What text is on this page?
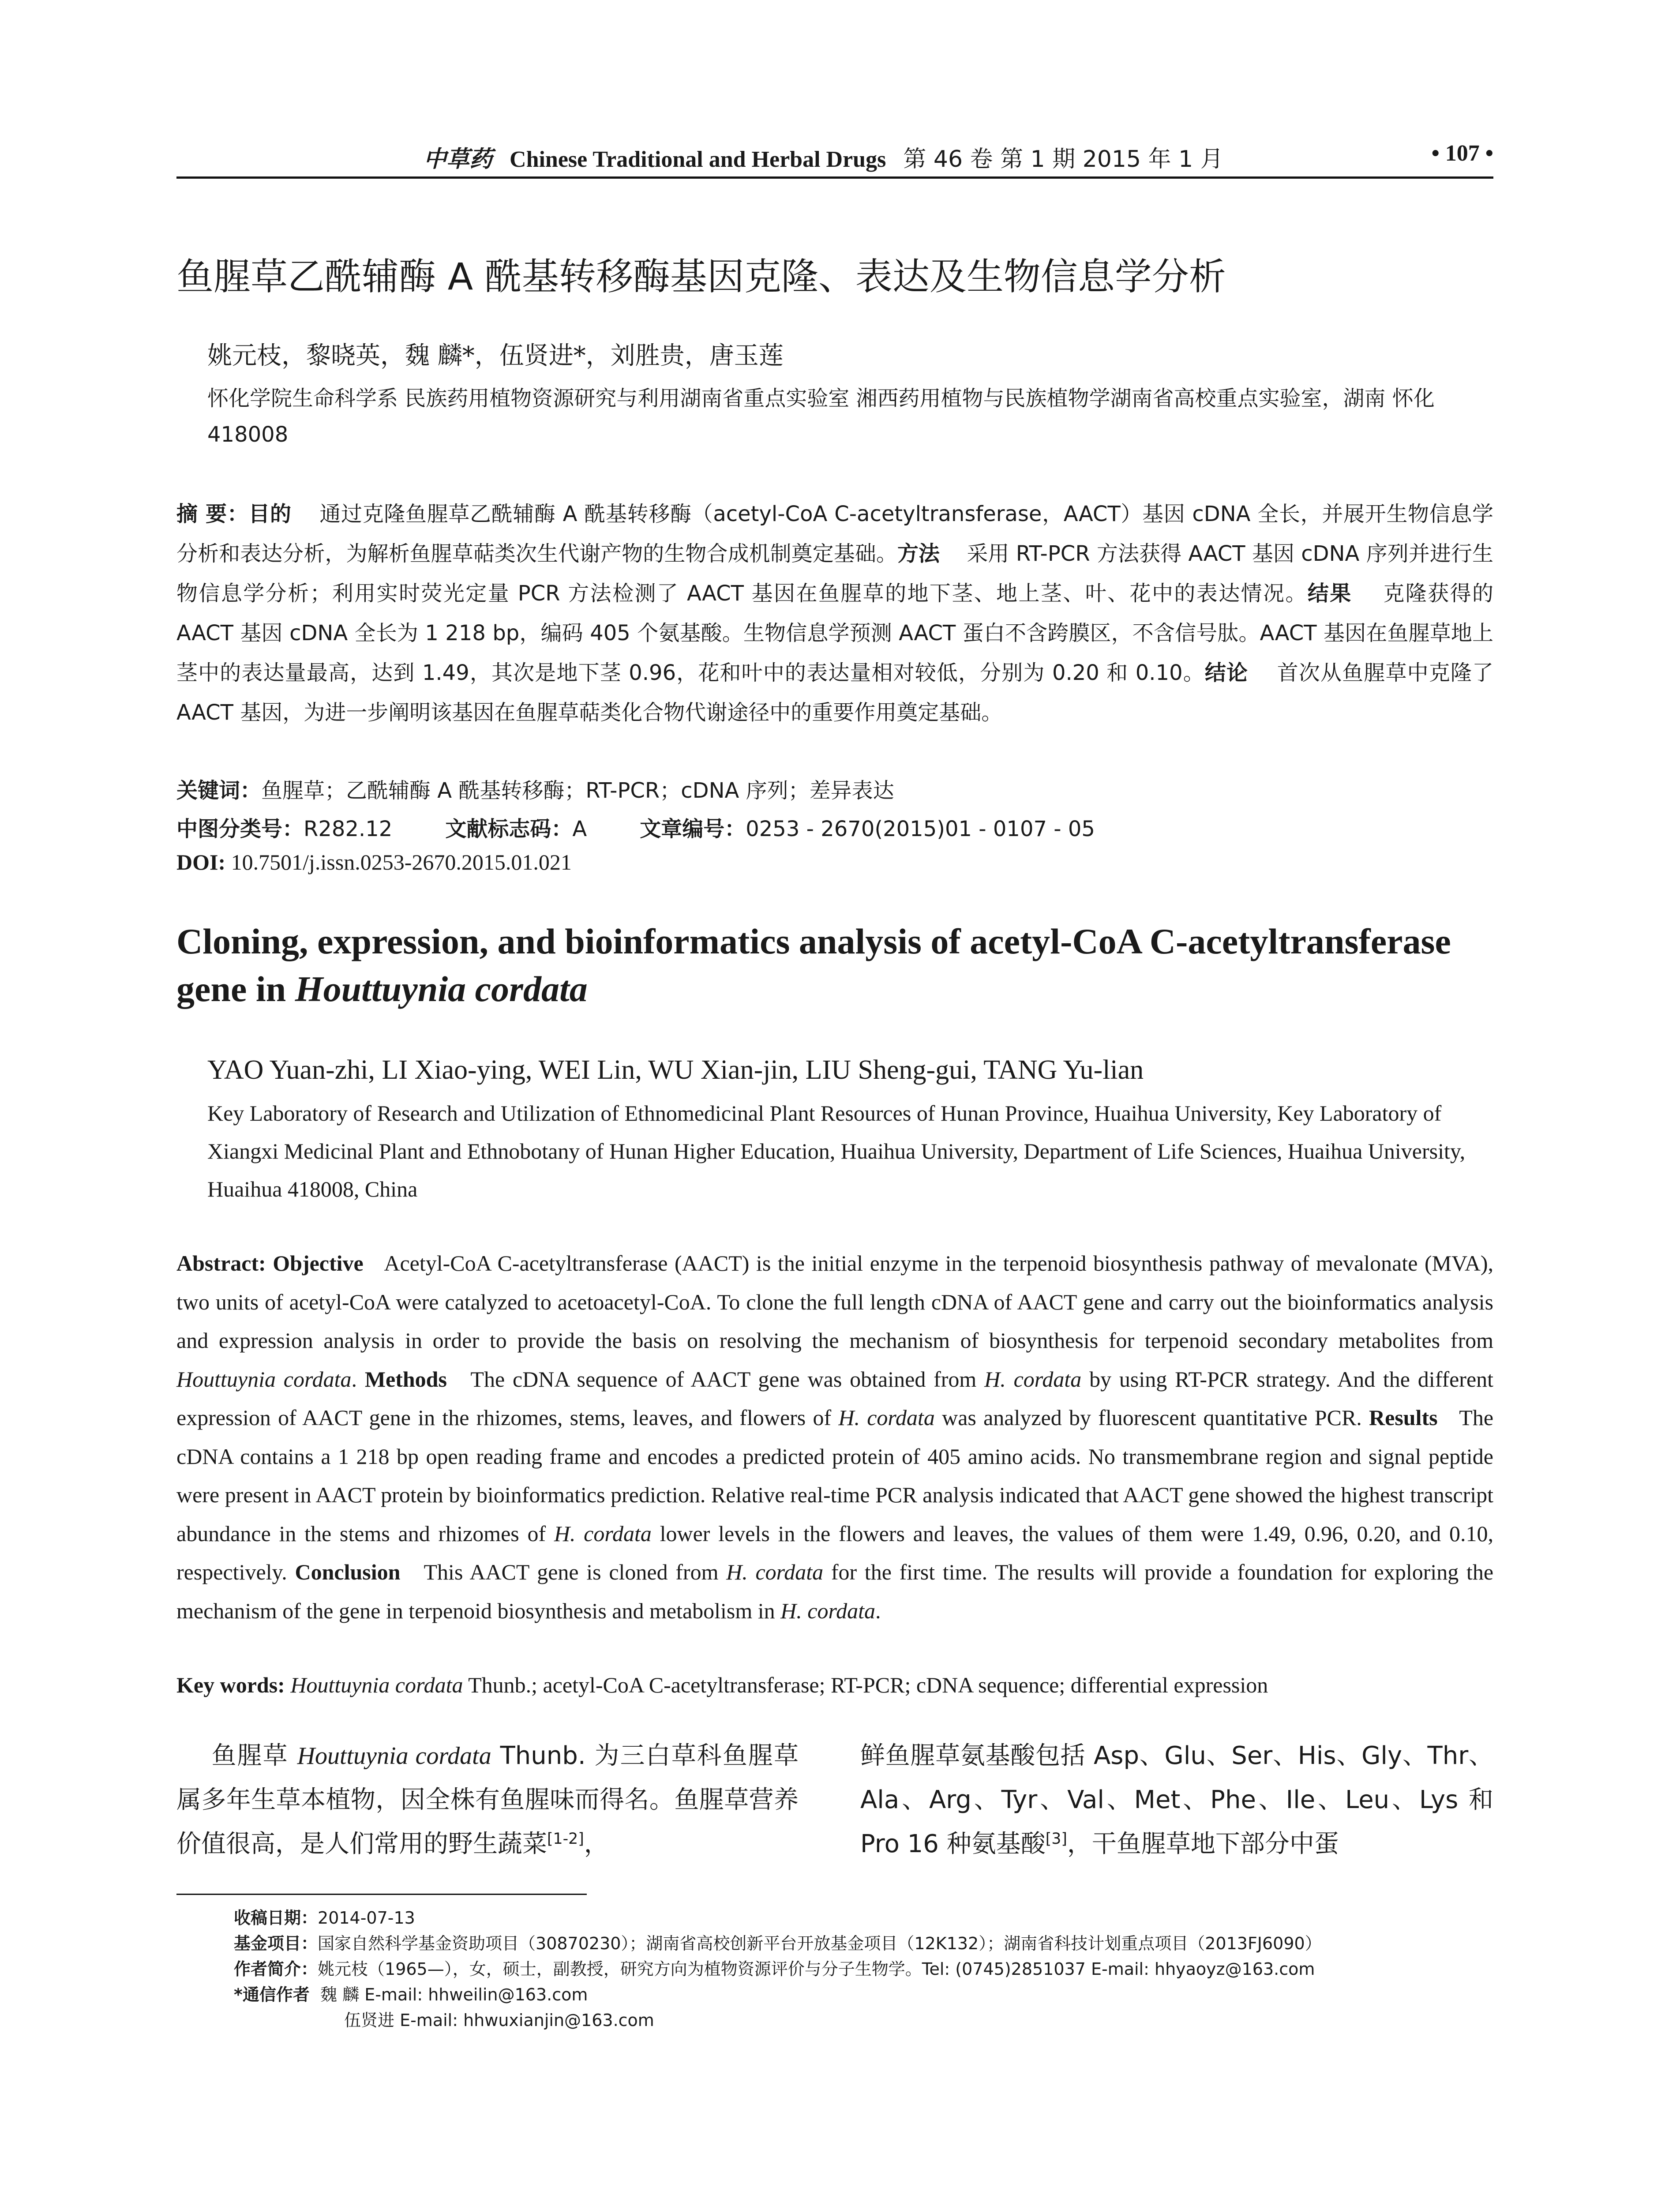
中草药 Chinese Traditional and Herbal Drugs 第 46 卷 第 1 期 2015 年 1 月	• 107 •
鱼腥草乙酰辅酶 A 酰基转移酶基因克隆、表达及生物信息学分析
姚元枝，黎晓英，魏 麟*，伍贤进*，刘胜贵，唐玉莲
怀化学院生命科学系 民族药用植物资源研究与利用湖南省重点实验室 湘西药用植物与民族植物学湖南省高校重点实验室，湖南 怀化 418008
摘 要：目的 通过克隆鱼腥草乙酰辅酶 A 酰基转移酶（acetyl-CoA C-acetyltransferase，AACT）基因 cDNA 全长，并展开生物信息学分析和表达分析，为解析鱼腥草萜类次生代谢产物的生物合成机制奠定基础。方法 采用 RT-PCR 方法获得 AACT 基因 cDNA 序列并进行生物信息学分析；利用实时荧光定量 PCR 方法检测了 AACT 基因在鱼腥草的地下茎、地上茎、叶、花中的表达情况。结果 克隆获得的 AACT 基因 cDNA 全长为 1 218 bp，编码 405 个氨基酸。生物信息学预测 AACT 蛋白不含跨膜区，不含信号肽。AACT 基因在鱼腥草地上茎中的表达量最高，达到 1.49，其次是地下茎 0.96，花和叶中的表达量相对较低，分别为 0.20 和 0.10。结论 首次从鱼腥草中克隆了 AACT 基因，为进一步阐明该基因在鱼腥草萜类化合物代谢途径中的重要作用奠定基础。
关键词：鱼腥草；乙酰辅酶 A 酰基转移酶；RT-PCR；cDNA 序列；差异表达
中图分类号：R282.12	文献标志码：A	文章编号：0253 - 2670(2015)01 - 0107 - 05
DOI: 10.7501/j.issn.0253-2670.2015.01.021
Cloning, expression, and bioinformatics analysis of acetyl-CoA C-acetyltransferase gene in Houttuynia cordata
YAO Yuan-zhi, LI Xiao-ying, WEI Lin, WU Xian-jin, LIU Sheng-gui, TANG Yu-lian
Key Laboratory of Research and Utilization of Ethnomedicinal Plant Resources of Hunan Province, Huaihua University, Key Laboratory of Xiangxi Medicinal Plant and Ethnobotany of Hunan Higher Education, Huaihua University, Department of Life Sciences, Huaihua University, Huaihua 418008, China
Abstract: Objective Acetyl-CoA C-acetyltransferase (AACT) is the initial enzyme in the terpenoid biosynthesis pathway of mevalonate (MVA), two units of acetyl-CoA were catalyzed to acetoacetyl-CoA. To clone the full length cDNA of AACT gene and carry out the bioinformatics analysis and expression analysis in order to provide the basis on resolving the mechanism of biosynthesis for terpenoid secondary metabolites from Houttuynia cordata. Methods The cDNA sequence of AACT gene was obtained from H. cordata by using RT-PCR strategy. And the different expression of AACT gene in the rhizomes, stems, leaves, and flowers of H. cordata was analyzed by fluorescent quantitative PCR. Results The cDNA contains a 1 218 bp open reading frame and encodes a predicted protein of 405 amino acids. No transmembrane region and signal peptide were present in AACT protein by bioinformatics prediction. Relative real-time PCR analysis indicated that AACT gene showed the highest transcript abundance in the stems and rhizomes of H. cordata lower levels in the flowers and leaves, the values of them were 1.49, 0.96, 0.20, and 0.10, respectively. Conclusion This AACT gene is cloned from H. cordata for the first time. The results will provide a foundation for exploring the mechanism of the gene in terpenoid biosynthesis and metabolism in H. cordata.
Key words: Houttuynia cordata Thunb.; acetyl-CoA C-acetyltransferase; RT-PCR; cDNA sequence; differential expression
鱼腥草 Houttuynia cordata Thunb. 为三白草科鱼腥草属多年生草本植物，因全株有鱼腥味而得名。鱼腥草营养价值很高，是人们常用的野生蔬菜[1-2]，
鲜鱼腥草氨基酸包括 Asp、Glu、Ser、His、Gly、Thr、Ala、Arg、Tyr、Val、Met、Phe、Ile、Leu、Lys 和 Pro 16 种氨基酸[3]，干鱼腥草地下部分中蛋
收稿日期：2014-07-13
基金项目：国家自然科学基金资助项目（30870230）；湖南省高校创新平台开放基金项目（12K132）；湖南省科技计划重点项目（2013FJ6090）
作者简介：姚元枝（1965—），女，硕士，副教授，研究方向为植物资源评价与分子生物学。Tel: (0745)2851037 E-mail: hhyaoyz@163.com
*通信作者 魏 麟 E-mail: hhweilin@163.com
伍贤进 E-mail: hhwuxianjin@163.com
